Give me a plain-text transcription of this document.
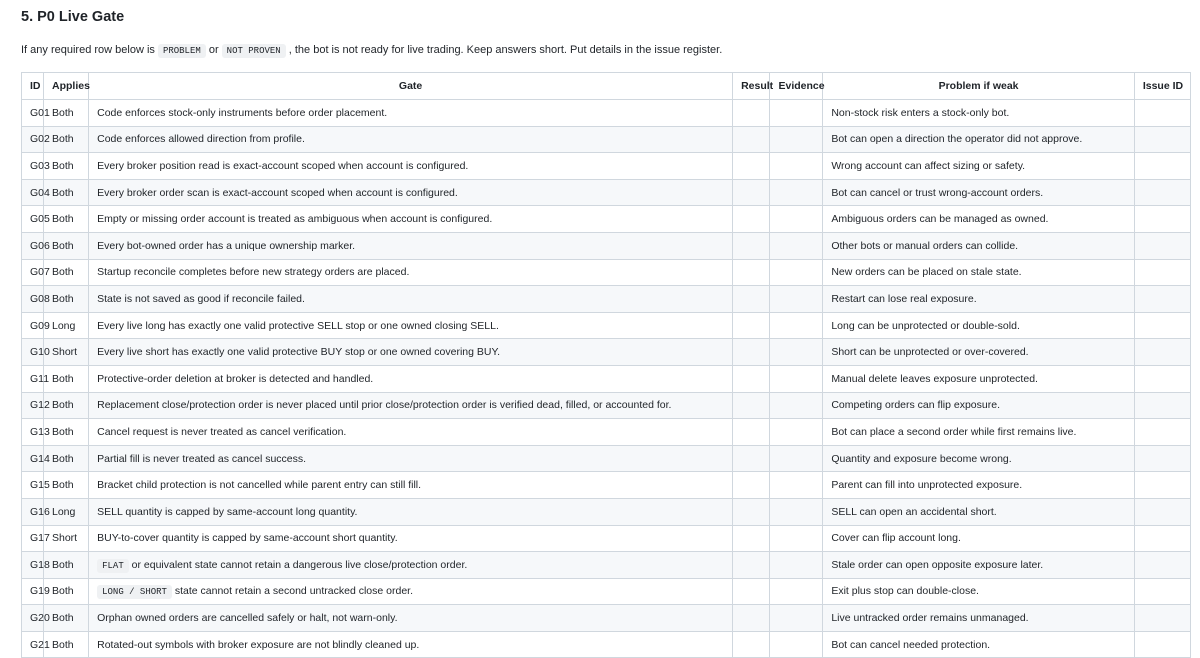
5. P0 Live Gate

If any required row below is PROBLEM or NOT PROVEN , the bot is not ready for live trading. Keep answers short. Put details in the issue register.

ID	Applies	Gate	Result	Evidence	Problem if weak	Issue ID
G01	Both	Code enforces stock-only instruments before order placement.			Non-stock risk enters a stock-only bot.	
G02	Both	Code enforces allowed direction from profile.			Bot can open a direction the operator did not approve.	
G03	Both	Every broker position read is exact-account scoped when account is configured.			Wrong account can affect sizing or safety.	
G04	Both	Every broker order scan is exact-account scoped when account is configured.			Bot can cancel or trust wrong-account orders.	
G05	Both	Empty or missing order account is treated as ambiguous when account is configured.			Ambiguous orders can be managed as owned.	
G06	Both	Every bot-owned order has a unique ownership marker.			Other bots or manual orders can collide.	
G07	Both	Startup reconcile completes before new strategy orders are placed.			New orders can be placed on stale state.	
G08	Both	State is not saved as good if reconcile failed.			Restart can lose real exposure.	
G09	Long	Every live long has exactly one valid protective SELL stop or one owned closing SELL.			Long can be unprotected or double-sold.	
G10	Short	Every live short has exactly one valid protective BUY stop or one owned covering BUY.			Short can be unprotected or over-covered.	
G11	Both	Protective-order deletion at broker is detected and handled.			Manual delete leaves exposure unprotected.	
G12	Both	Replacement close/protection order is never placed until prior close/protection order is verified dead, filled, or accounted for.			Competing orders can flip exposure.	
G13	Both	Cancel request is never treated as cancel verification.			Bot can place a second order while first remains live.	
G14	Both	Partial fill is never treated as cancel success.			Quantity and exposure become wrong.	
G15	Both	Bracket child protection is not cancelled while parent entry can still fill.			Parent can fill into unprotected exposure.	
G16	Long	SELL quantity is capped by same-account long quantity.			SELL can open an accidental short.	
G17	Short	BUY-to-cover quantity is capped by same-account short quantity.			Cover can flip account long.	
G18	Both	FLAT or equivalent state cannot retain a dangerous live close/protection order.			Stale order can open opposite exposure later.	
G19	Both	LONG / SHORT state cannot retain a second untracked close order.			Exit plus stop can double-close.	
G20	Both	Orphan owned orders are cancelled safely or halt, not warn-only.			Live untracked order remains unmanaged.	
G21	Both	Rotated-out symbols with broker exposure are not blindly cleaned up.			Bot can cancel needed protection.	
